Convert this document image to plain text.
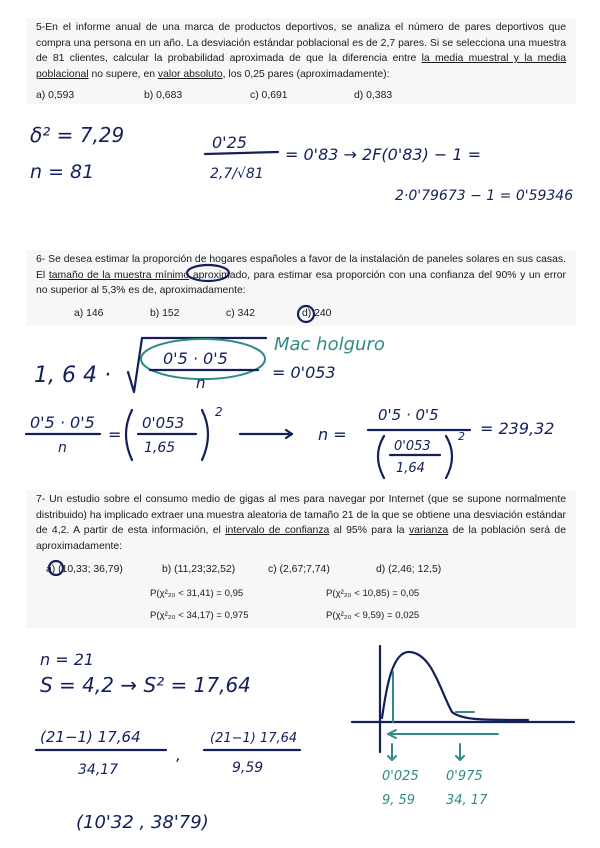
5-En el informe anual de una marca de productos deportivos, se analiza el número de pares deportivos que compra una persona en un año. La desviación estándar poblacional es de 2,7 pares. Si se selecciona una muestra de 81 clientes, calcular la probabilidad aproximada de que la diferencia entre la media muestral y la media poblacional no supere, en valor absoluto, los 0,25 pares (aproximadamente):

a) 0,593	b) 0,683	c) 0,691	d) 0,383

6- Se desea estimar la proporción de hogares españoles a favor de la instalación de paneles solares en sus casas. El tamaño de la muestra mínimo aproximado, para estimar esa proporción con una confianza del 90% y un error no superior al 5,3% es de, aproximadamente:

a) 146	b) 152	c) 342	d) 240

7- Un estudio sobre el consumo medio de gigas al mes para navegar por Internet (que se supone normalmente distribuido) ha implicado extraer una muestra aleatoria de tamaño 21 de la que se obtiene una desviación estándar de 4,2. A partir de esta información, el intervalo de confianza al 95% para la varianza de la población será de aproximadamente:

a) (10,33; 36,79)	b) (11,23;32,52)	c) (2,67;7,74)	d) (2,46; 12,5)
P(χ²₂₀ < 31,41) = 0,95	P(χ²₂₀ < 10,85) = 0,05
P(χ²₂₀ < 34,17) = 0,975	P(χ²₂₀ < 9,59) = 0,025
δ² = 7,29
n = 81
0'25
2,7/√81
= 0'83 → 2F(0'83) − 1 =
2·0'79673 − 1 = 0'59346
1, 6 4 ·
0'5 · 0'5
n
= 0'053
Mac holguro
0'5 · 0'5
n
=
0'053
1,65
2
n =
0'5 · 0'5
0'053
1,64
2 = 239,32
n = 21
S = 4,2 → S² = 17,64
(21−1) 17,64
34,17
,
(21−1) 17,64
9,59
(10'32 , 38'79)
0'025 0'975
9, 59 34, 17
